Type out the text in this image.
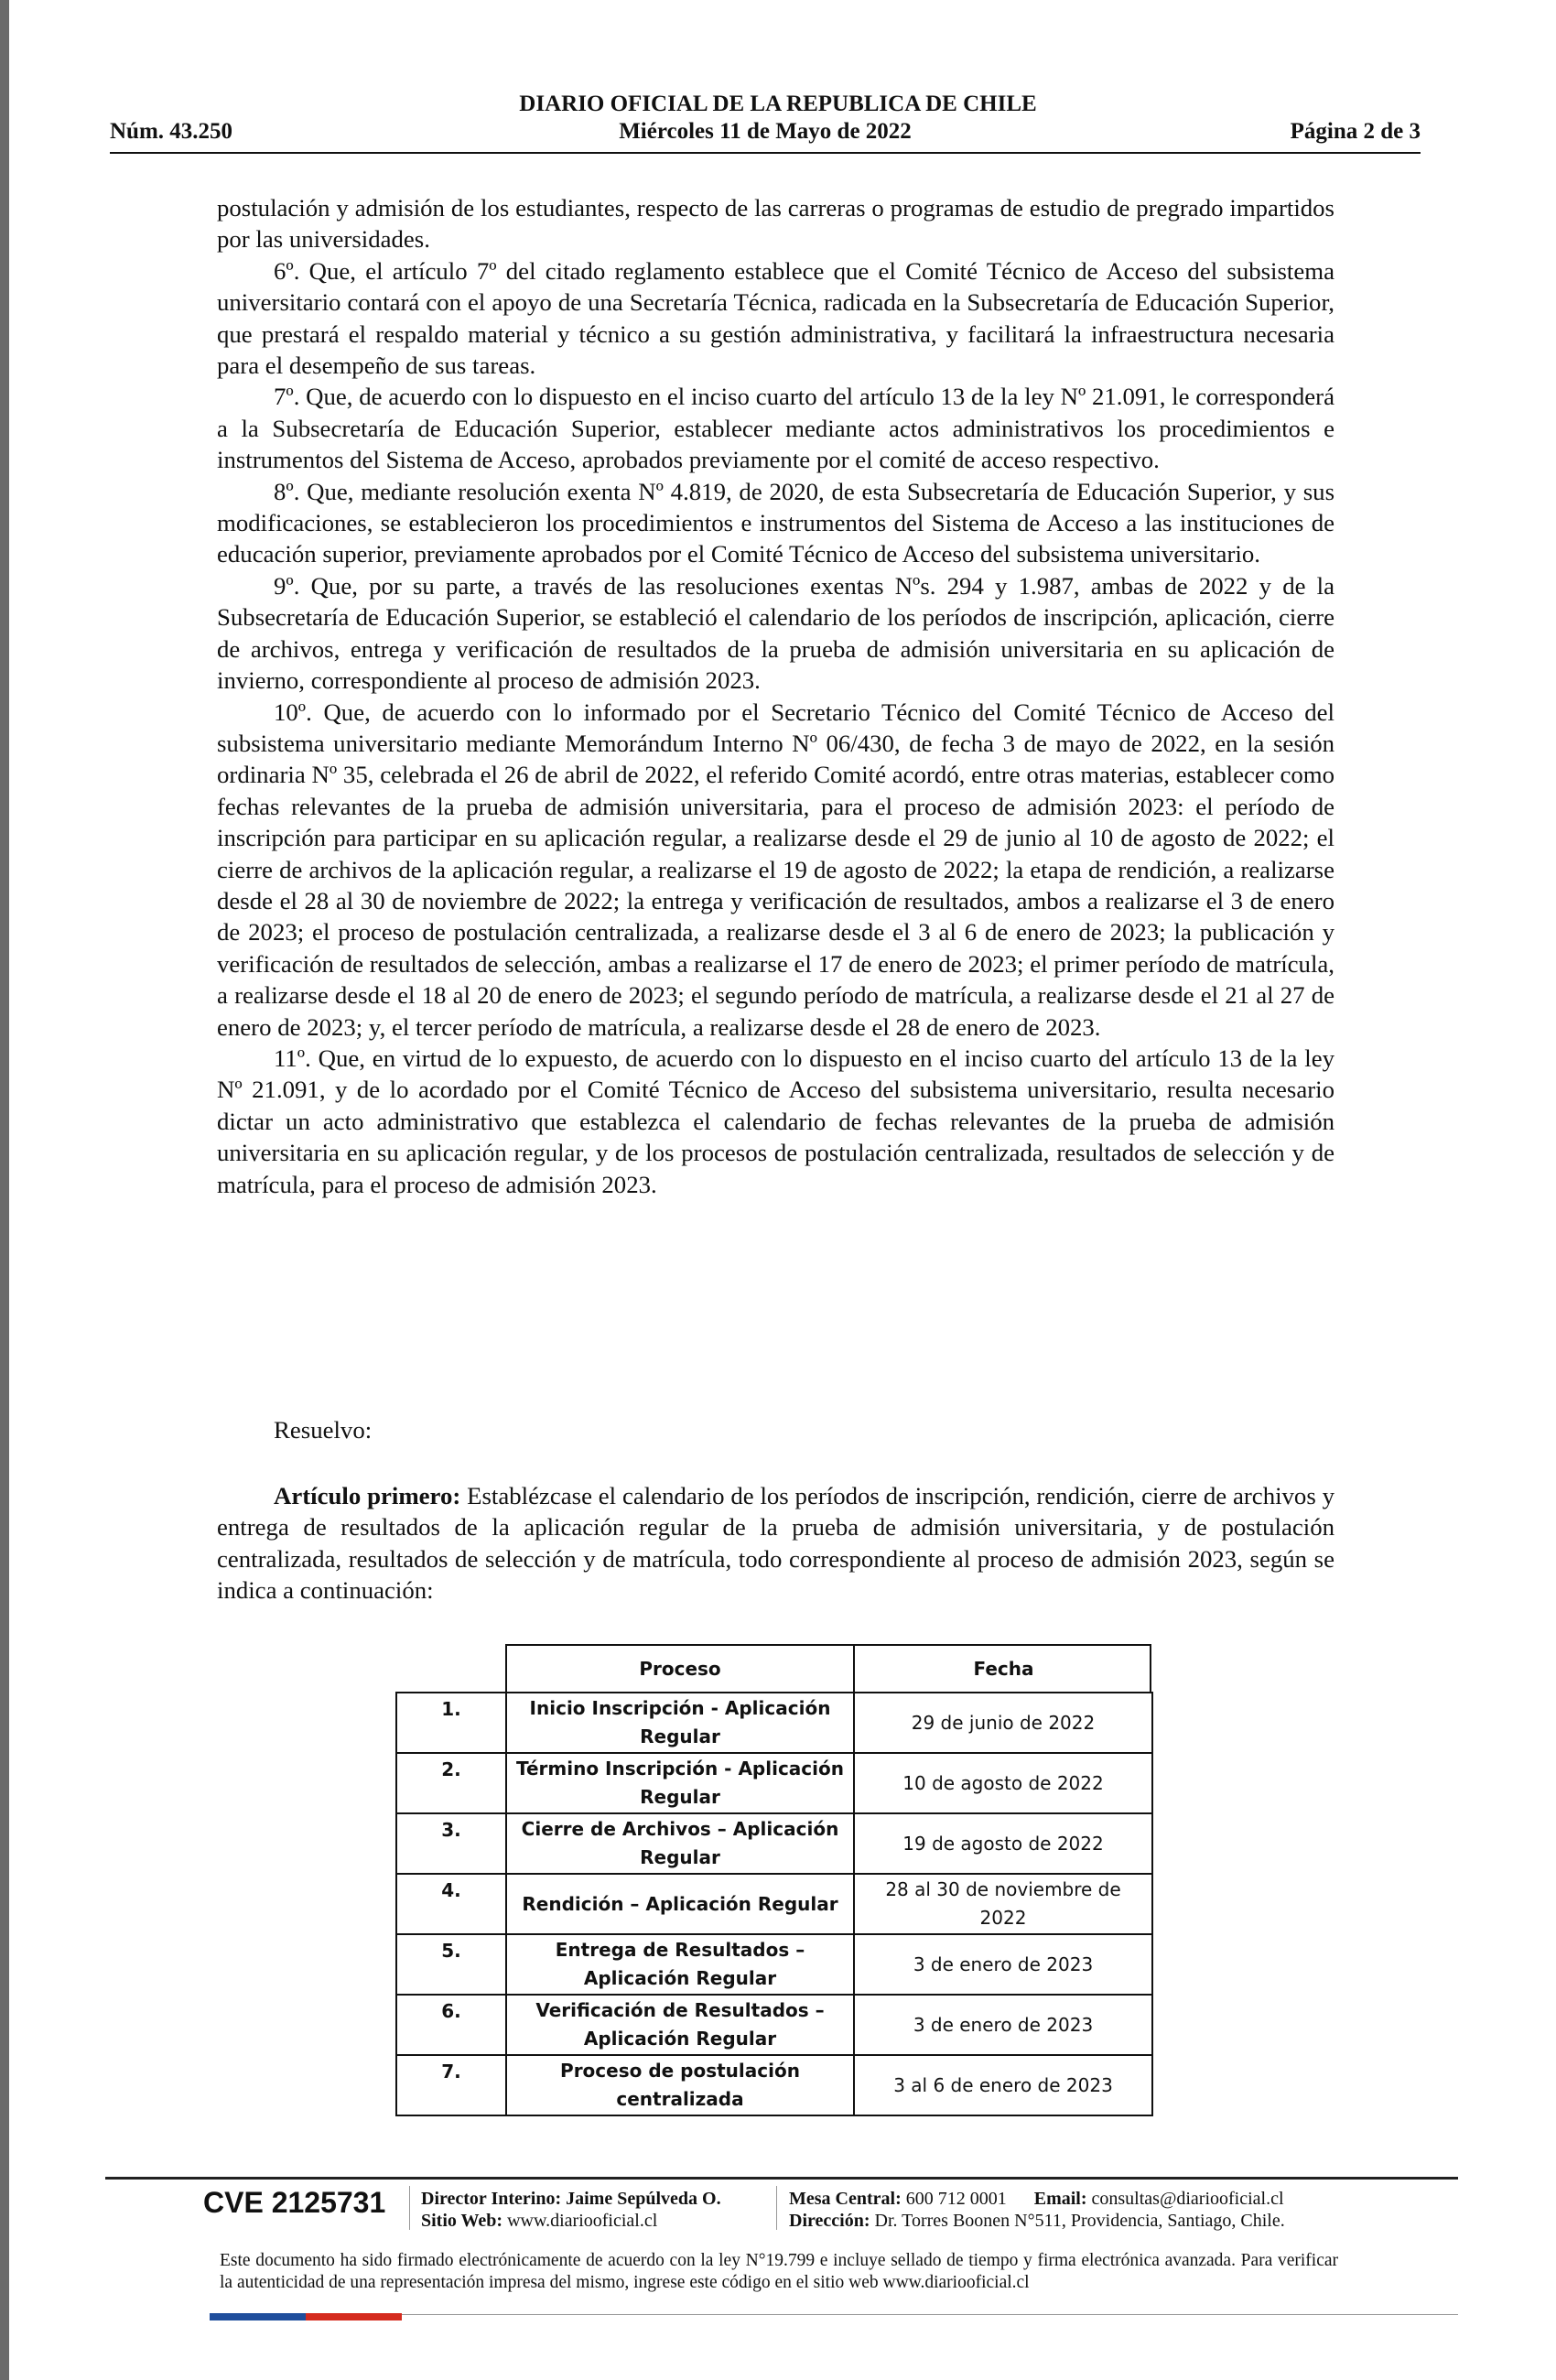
DIARIO OFICIAL DE LA REPUBLICA DE CHILE
Miércoles 11 de Mayo de 2022
Núm. 43.250	Página 2 de 3

postulación y admisión de los estudiantes, respecto de las carreras o programas de estudio de pregrado impartidos por las universidades.

6º. Que, el artículo 7º del citado reglamento establece que el Comité Técnico de Acceso del subsistema universitario contará con el apoyo de una Secretaría Técnica, radicada en la Subsecretaría de Educación Superior, que prestará el respaldo material y técnico a su gestión administrativa, y facilitará la infraestructura necesaria para el desempeño de sus tareas.

7º. Que, de acuerdo con lo dispuesto en el inciso cuarto del artículo 13 de la ley Nº 21.091, le corresponderá a la Subsecretaría de Educación Superior, establecer mediante actos administrativos los procedimientos e instrumentos del Sistema de Acceso, aprobados previamente por el comité de acceso respectivo.

8º. Que, mediante resolución exenta Nº 4.819, de 2020, de esta Subsecretaría de Educación Superior, y sus modificaciones, se establecieron los procedimientos e instrumentos del Sistema de Acceso a las instituciones de educación superior, previamente aprobados por el Comité Técnico de Acceso del subsistema universitario.

9º. Que, por su parte, a través de las resoluciones exentas Nºs. 294 y 1.987, ambas de 2022 y de la Subsecretaría de Educación Superior, se estableció el calendario de los períodos de inscripción, aplicación, cierre de archivos, entrega y verificación de resultados de la prueba de admisión universitaria en su aplicación de invierno, correspondiente al proceso de admisión 2023.

10º. Que, de acuerdo con lo informado por el Secretario Técnico del Comité Técnico de Acceso del subsistema universitario mediante Memorándum Interno Nº 06/430, de fecha 3 de mayo de 2022, en la sesión ordinaria Nº 35, celebrada el 26 de abril de 2022, el referido Comité acordó, entre otras materias, establecer como fechas relevantes de la prueba de admisión universitaria, para el proceso de admisión 2023: el período de inscripción para participar en su aplicación regular, a realizarse desde el 29 de junio al 10 de agosto de 2022; el cierre de archivos de la aplicación regular, a realizarse el 19 de agosto de 2022; la etapa de rendición, a realizarse desde el 28 al 30 de noviembre de 2022; la entrega y verificación de resultados, ambos a realizarse el 3 de enero de 2023; el proceso de postulación centralizada, a realizarse desde el 3 al 6 de enero de 2023; la publicación y verificación de resultados de selección, ambas a realizarse el 17 de enero de 2023; el primer período de matrícula, a realizarse desde el 18 al 20 de enero de 2023; el segundo período de matrícula, a realizarse desde el 21 al 27 de enero de 2023; y, el tercer período de matrícula, a realizarse desde el 28 de enero de 2023.

11º. Que, en virtud de lo expuesto, de acuerdo con lo dispuesto en el inciso cuarto del artículo 13 de la ley Nº 21.091, y de lo acordado por el Comité Técnico de Acceso del subsistema universitario, resulta necesario dictar un acto administrativo que establezca el calendario de fechas relevantes de la prueba de admisión universitaria en su aplicación regular, y de los procesos de postulación centralizada, resultados de selección y de matrícula, para el proceso de admisión 2023.

Resuelvo:
Artículo primero: Establézcase el calendario de los períodos de inscripción, rendición, cierre de archivos y entrega de resultados de la aplicación regular de la prueba de admisión universitaria, y de postulación centralizada, resultados de selección y de matrícula, todo correspondiente al proceso de admisión 2023, según se indica a continuación:
	Proceso	Fecha
1.	Inicio Inscripción - Aplicación Regular	29 de junio de 2022
2.	Término Inscripción - Aplicación Regular	10 de agosto de 2022
3.	Cierre de Archivos – Aplicación Regular	19 de agosto de 2022
4.	Rendición – Aplicación Regular	28 al 30 de noviembre de 2022
5.	Entrega de Resultados – Aplicación Regular	3 de enero de 2023
6.	Verificación de Resultados – Aplicación Regular	3 de enero de 2023
7.	Proceso de postulación centralizada	3 al 6 de enero de 2023
CVE 2125731 Director Interino: Jaime Sepúlveda O.
Sitio Web: www.diariooficial.cl
Mesa Central: 600 712 0001 Email: consultas@diariooficial.cl
Dirección: Dr. Torres Boonen N°511, Providencia, Santiago, Chile.
Este documento ha sido firmado electrónicamente de acuerdo con la ley N°19.799 e incluye sellado de tiempo y firma electrónica avanzada. Para verificar la autenticidad de una representación impresa del mismo, ingrese este código en el sitio web www.diariooficial.cl
